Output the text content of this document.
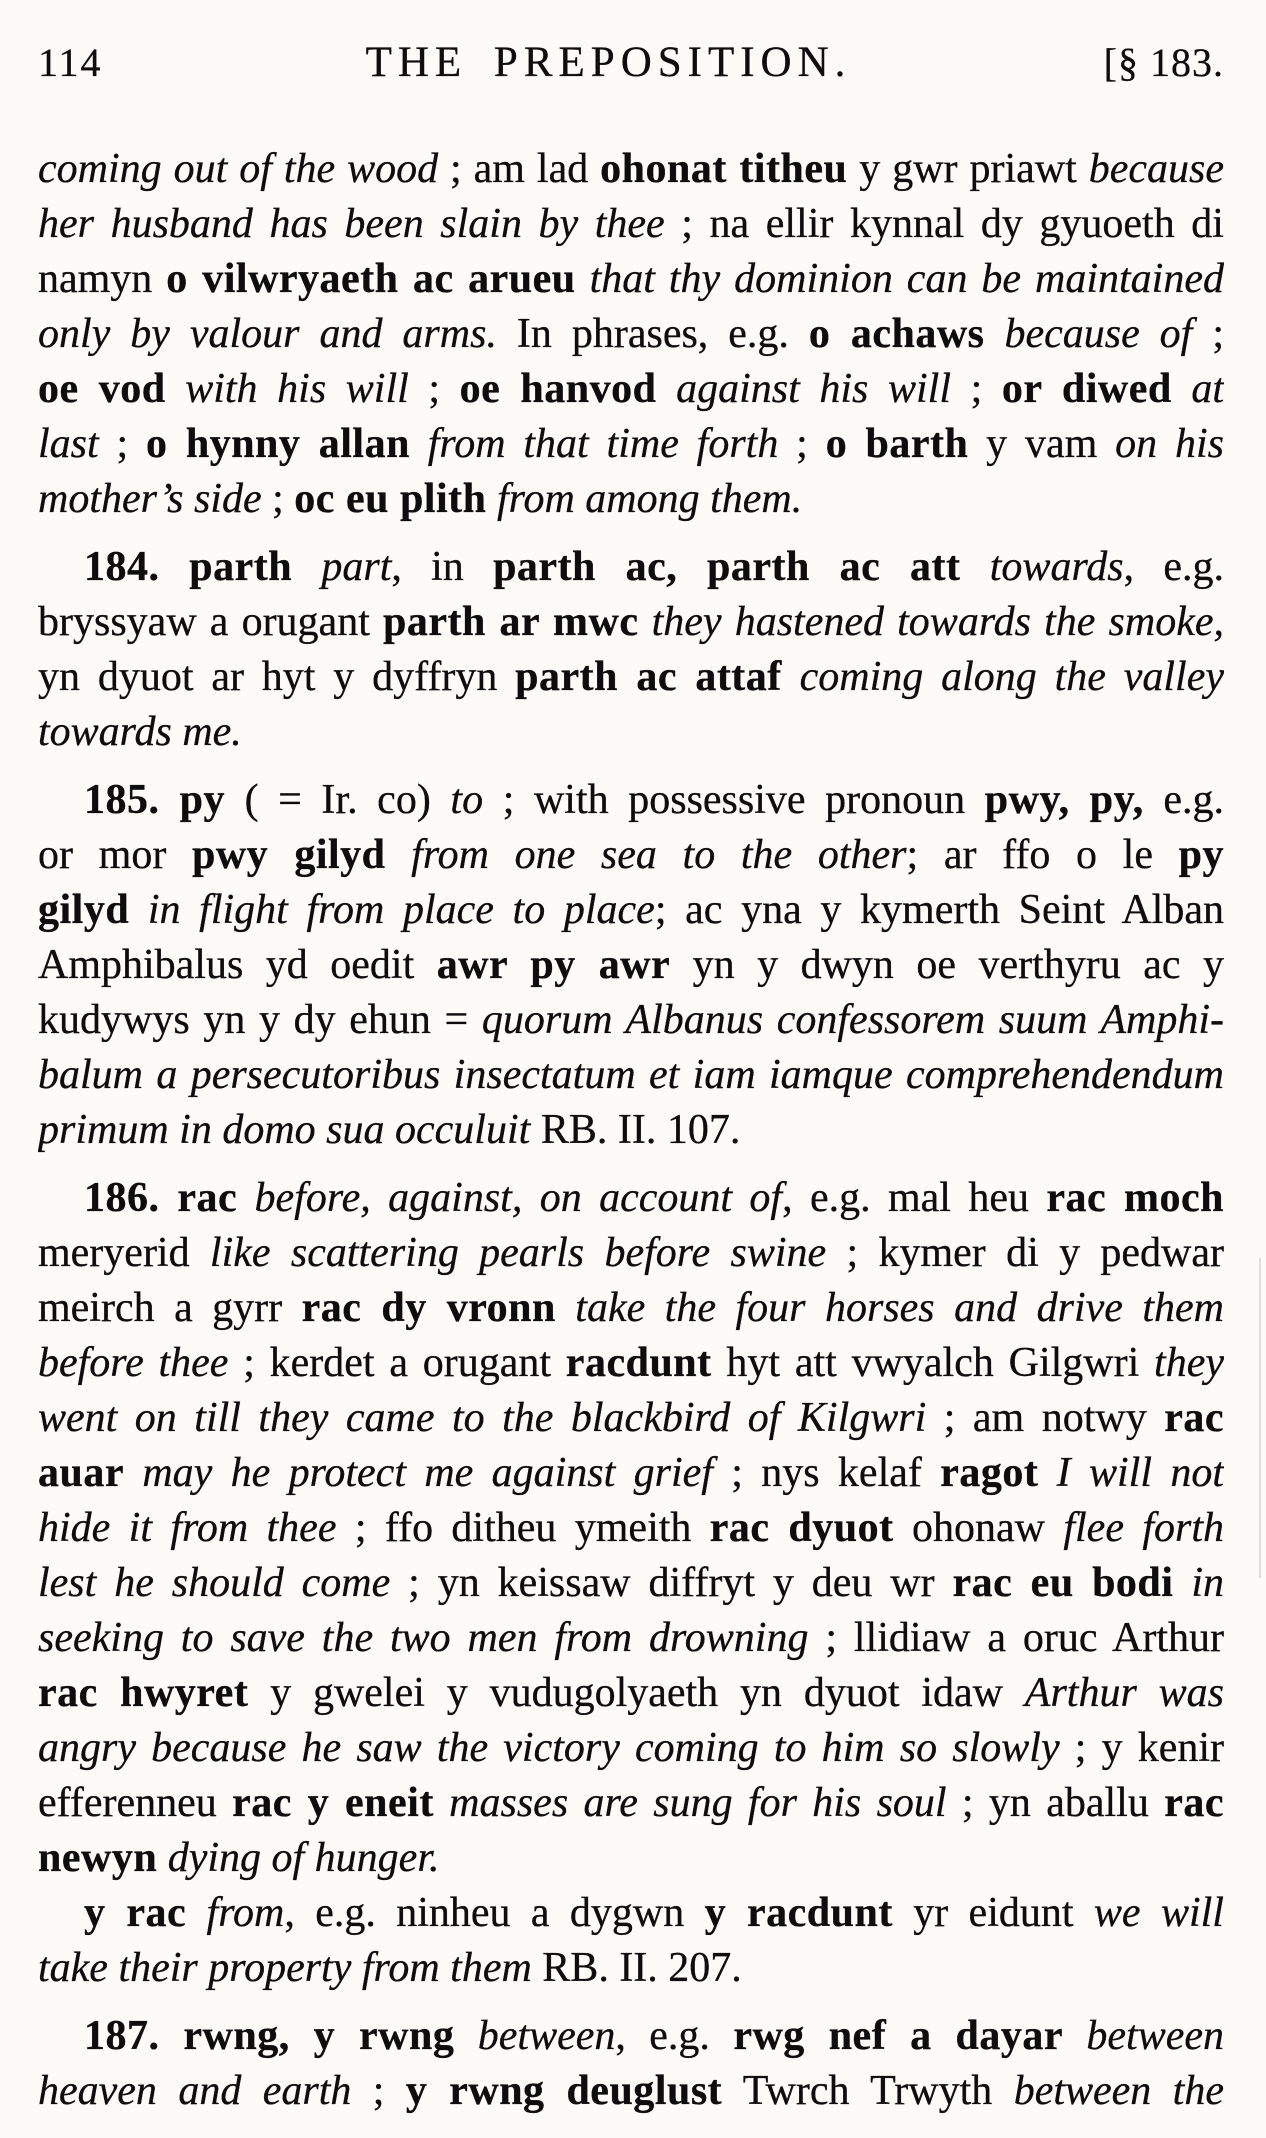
114	THE PREPOSITION.	[§ 183.
coming out of the wood ; am lad ohonat titheu y gwr priawt because
her husband has been slain by thee ; na ellir kynnal dy gyuoeth di
namyn o vilwryaeth ac arueu that thy dominion can be maintained
only by valour and arms. In phrases, e.g. o achaws because of ;
oe vod with his will ; oe hanvod against his will ; or diwed at
last ; o hynny allan from that time forth ; o barth y vam on his
mother’s side ; oc eu plith from among them.
184. parth part, in parth ac, parth ac att towards, e.g.
bryssyaw a orugant parth ar mwc they hastened towards the smoke,
yn dyuot ar hyt y dyffryn parth ac attaf coming along the valley
towards me.
185. py ( = Ir. co) to ; with possessive pronoun pwy, py, e.g.
or mor pwy gilyd from one sea to the other; ar ffo o le py
gilyd in flight from place to place; ac yna y kymerth Seint Alban
Amphibalus yd oedit awr py awr yn y dwyn oe verthyru ac y
kudywys yn y dy ehun = quorum Albanus confessorem suum Amphi-
balum a persecutoribus insectatum et iam iamque comprehendendum
primum in domo sua occuluit RB. II. 107.
186. rac before, against, on account of, e.g. mal heu rac moch
meryerid like scattering pearls before swine ; kymer di y pedwar
meirch a gyrr rac dy vronn take the four horses and drive them
before thee ; kerdet a orugant racdunt hyt att vwyalch Gilgwri they
went on till they came to the blackbird of Kilgwri ; am notwy rac
auar may he protect me against grief ; nys kelaf ragot I will not
hide it from thee ; ffo ditheu ymeith rac dyuot ohonaw flee forth
lest he should come ; yn keissaw diffryt y deu wr rac eu bodi in
seeking to save the two men from drowning ; llidiaw a oruc Arthur
rac hwyret y gwelei y vudugolyaeth yn dyuot idaw Arthur was
angry because he saw the victory coming to him so slowly ; y kenir
efferenneu rac y eneit masses are sung for his soul ; yn aballu rac
newyn dying of hunger.
y rac from, e.g. ninheu a dygwn y racdunt yr eidunt we will
take their property from them RB. II. 207.
187. rwng, y rwng between, e.g. rwg nef a dayar between
heaven and earth ; y rwng deuglust Twrch Trwyth between the
